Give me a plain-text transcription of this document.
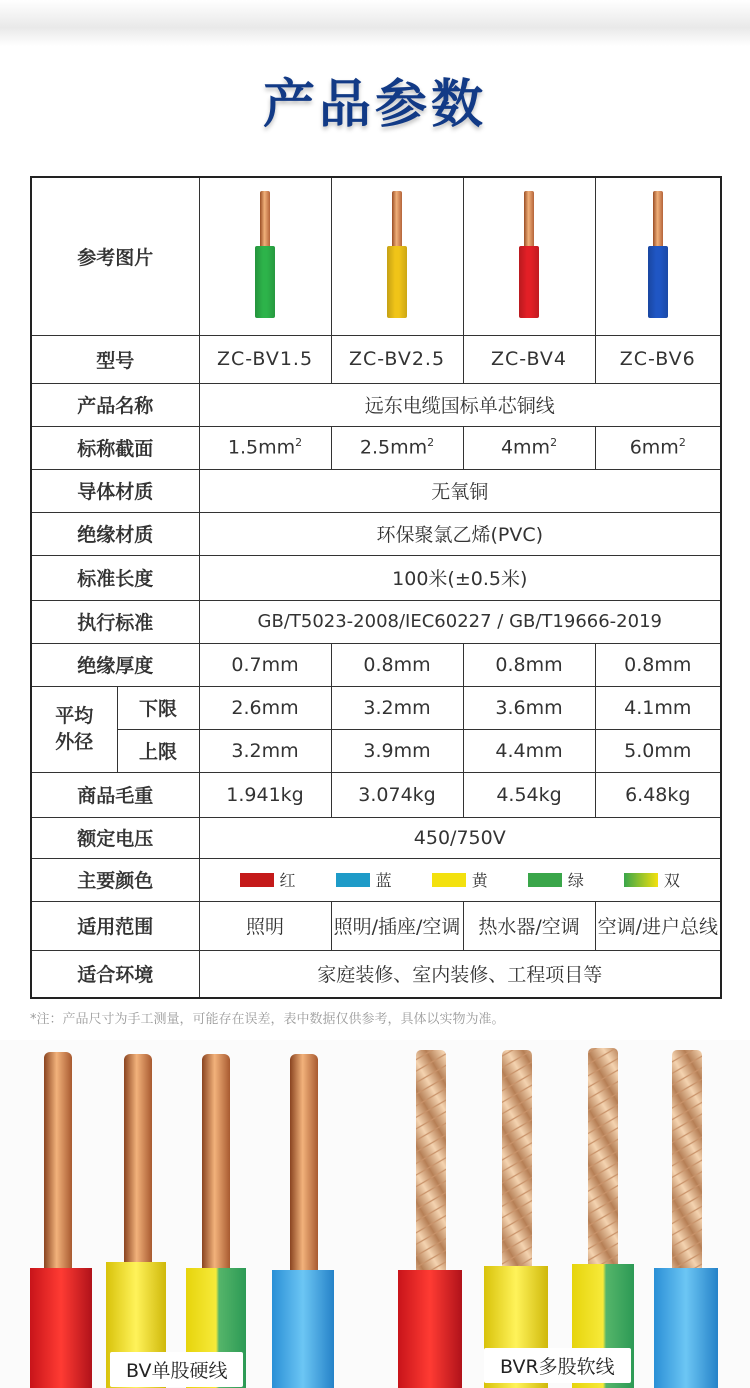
产品参数
参考图片		

型号		ZC-BV1.5	ZC-BV2.5	ZC-BV4	ZC-BV6
产品名称		远东电缆国标单芯铜线			
标称截面		$1.5mm^2$	$2.5mm^2$	$4mm^2$	$6mm^2$
导体材质		无氧铜			
绝缘材质		环保聚氯乙烯(PVC)			
标准长度		100米(±0.5米)			
执行标准		GB/T5023-2008/IEC60227 / GB/T19666-2019			
绝缘厚度		0.7mm	0.8mm	0.8mm	0.8mm

平均
外径	下限	2.6mm	3.2mm	3.6mm	4.1mm
	上限	3.2mm	3.9mm	4.4mm	5.0mm
商品毛重		1.941kg	3.074kg	4.54kg	6.48kg
额定电压		450/750V			
主要颜色		红 蓝 黄 绿 双			

适用范围		照明	照明/插座/空调	热水器/空调	空调/进户总线
适合环境		家庭装修、室内装修、工程项目等			
*注：产品尺寸为手工测量，可能存在误差，表中数据仅供参考，具体以实物为准。
BV单股硬线	BVR多股软线
